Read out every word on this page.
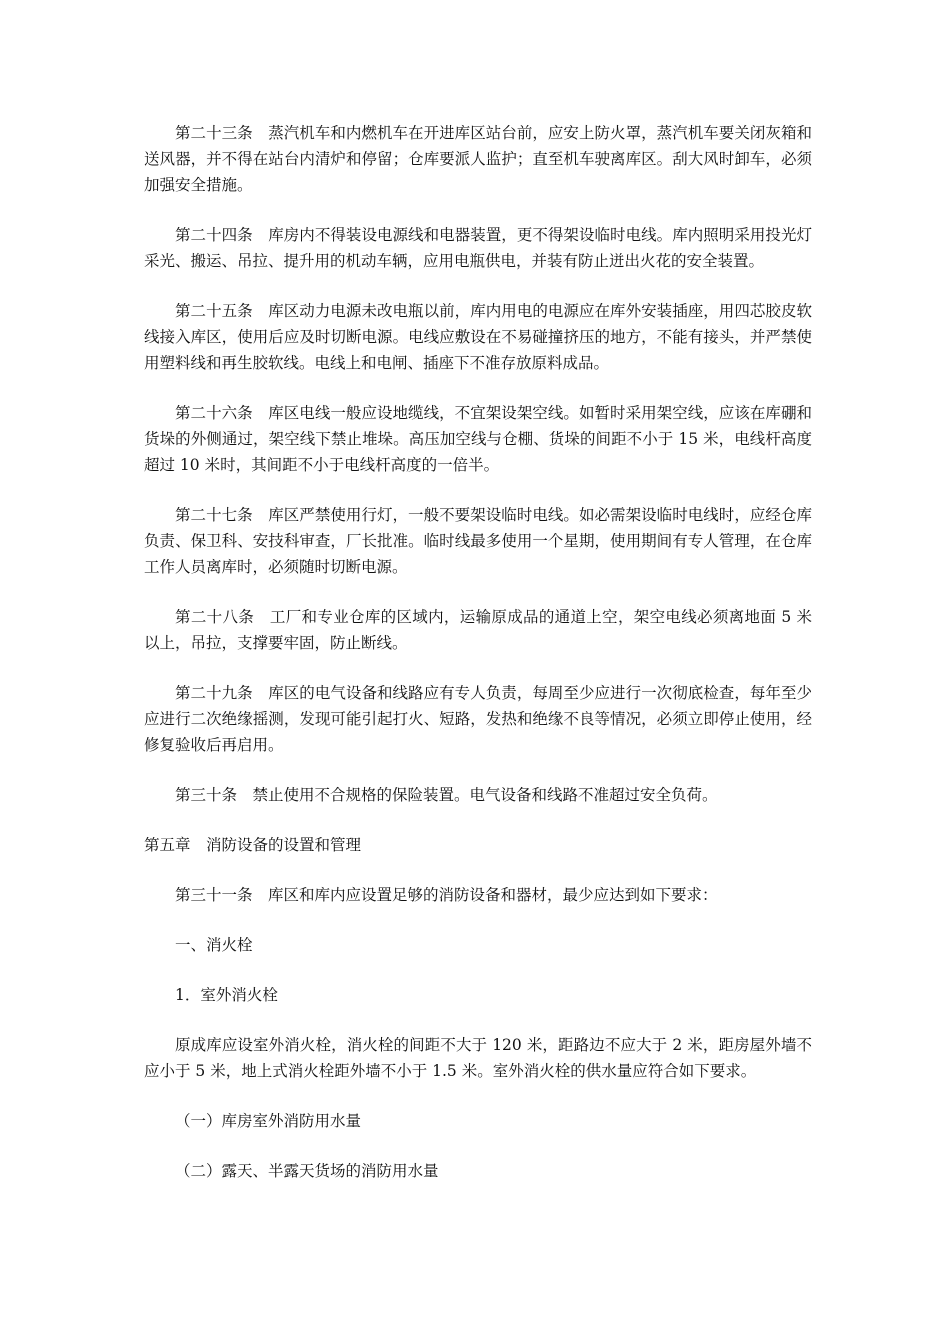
第二十三条　蒸汽机车和内燃机车在开进库区站台前，应安上防火罩，蒸汽机车要关闭灰箱和送风器，并不得在站台内清炉和停留；仓库要派人监护；直至机车驶离库区。刮大风时卸车，必须加强安全措施。

第二十四条　库房内不得装设电源线和电器装置，更不得架设临时电线。库内照明采用投光灯采光、搬运、吊拉、提升用的机动车辆，应用电瓶供电，并装有防止迸出火花的安全装置。

第二十五条　库区动力电源未改电瓶以前，库内用电的电源应在库外安装插座，用四芯胶皮软线接入库区，使用后应及时切断电源。电线应敷设在不易碰撞挤压的地方，不能有接头，并严禁使用塑料线和再生胶软线。电线上和电闸、插座下不准存放原料成品。

第二十六条　库区电线一般应设地缆线，不宜架设架空线。如暂时采用架空线，应该在库硼和货垛的外侧通过，架空线下禁止堆垛。高压加空线与仓棚、货垛的间距不小于 15 米，电线杆高度超过 10 米时，其间距不小于电线杆高度的一倍半。

第二十七条　库区严禁使用行灯，一般不要架设临时电线。如必需架设临时电线时，应经仓库负责、保卫科、安技科审查，厂长批准。临时线最多使用一个星期，使用期间有专人管理，在仓库工作人员离库时，必须随时切断电源。

第二十八条　工厂和专业仓库的区域内，运输原成品的通道上空，架空电线必须离地面 5 米以上，吊拉，支撑要牢固，防止断线。

第二十九条　库区的电气设备和线路应有专人负责，每周至少应进行一次彻底检查，每年至少应进行二次绝缘摇测，发现可能引起打火、短路，发热和绝缘不良等情况，必须立即停止使用，经修复验收后再启用。

第三十条　禁止使用不合规格的保险装置。电气设备和线路不准超过安全负荷。

第五章　消防设备的设置和管理

第三十一条　库区和库内应设置足够的消防设备和器材，最少应达到如下要求：

一、消火栓

1．室外消火栓

原成库应设室外消火栓，消火栓的间距不大于 120 米，距路边不应大于 2 米，距房屋外墙不应小于 5 米，地上式消火栓距外墙不小于 1.5 米。室外消火栓的供水量应符合如下要求。

（一）库房室外消防用水量

（二）露天、半露天货场的消防用水量
